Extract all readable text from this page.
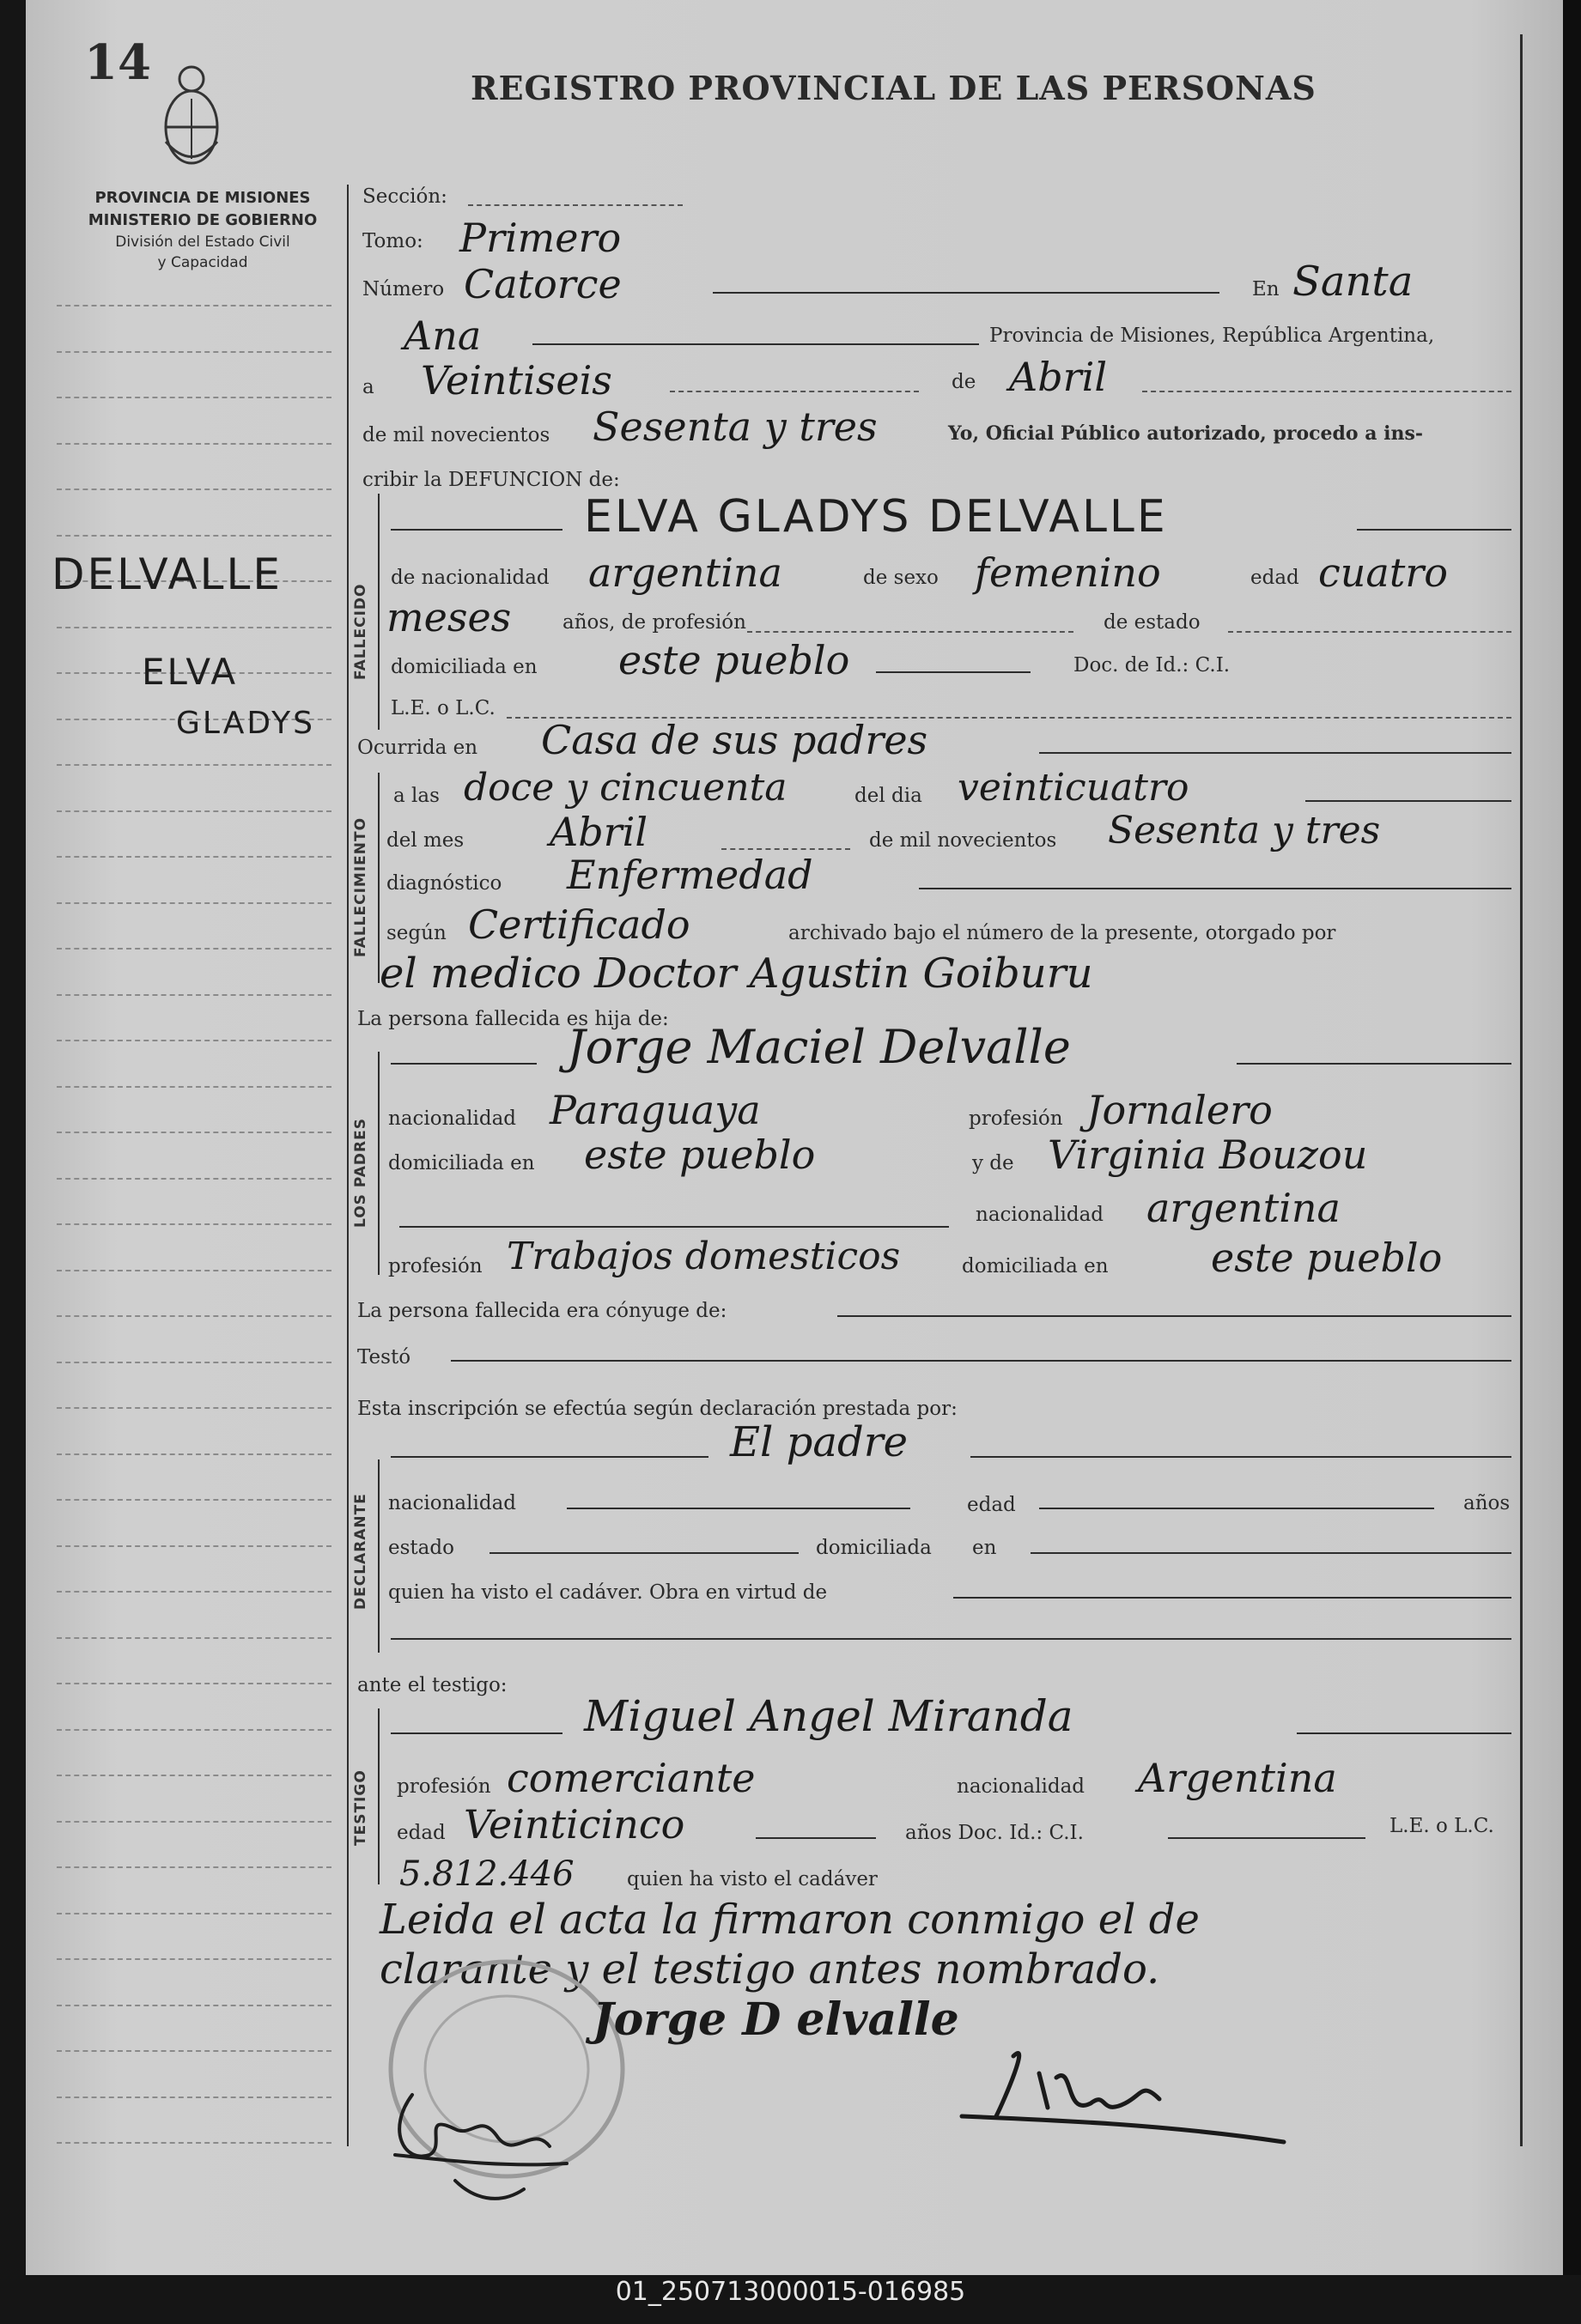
14	REGISTRO PROVINCIAL DE LAS PERSONAS
PROVINCIA DE MISIONES
MINISTERIO DE GOBIERNO
División del Estado Civil
y Capacidad
DELVALLE
ELVA
GLADYS
FALLECIDO
FALLECIMIENTO
LOS PADRES
DECLARANTE
TESTIGO
Sección:
Tomo: Primero
Número Catorce	En Santa
Ana	Provincia de Misiones, República Argentina,
a Veintiseis	de Abril
de mil novecientos Sesenta y tres	Yo, Oficial Público autorizado, procedo a ins-
cribir la DEFUNCION de:
ELVA GLADYS DELVALLE
de nacionalidad argentina	de sexo femenino	edad cuatro
meses	años, de profesión	de estado
domiciliada en este pueblo	Doc. de Id.: C.I.
L.E. o L.C.
Ocurrida en Casa de sus padres
a las doce y cincuenta	del dia veinticuatro
del mes Abril	de mil novecientos Sesenta y tres
diagnóstico Enfermedad
según Certificado	archivado bajo el número de la presente, otorgado por
el medico Doctor Agustin Goiburu
La persona fallecida es hija de:
Jorge Maciel Delvalle
nacionalidad Paraguaya	profesión Jornalero
domiciliada en este pueblo	y de Virginia Bouzou
nacionalidad argentina
profesión Trabajos domesticos	domiciliada en	este pueblo
La persona fallecida era cónyuge de:
Testó
Esta inscripción se efectúa según declaración prestada por:
El padre
nacionalidad	edad	años
estado	domiciliada en
quien ha visto el cadáver. Obra en virtud de
ante el testigo:
Miguel Angel Miranda
profesión comerciante	nacionalidad Argentina
edad Veinticinco	años Doc. Id.: C.I.	L.E. o L.C.
5.812.446	quien ha visto el cadáver
Leida el acta la firmaron conmigo el de
clarante y el testigo antes nombrado.
Jorge D elvalle
01_250713000015-016985
